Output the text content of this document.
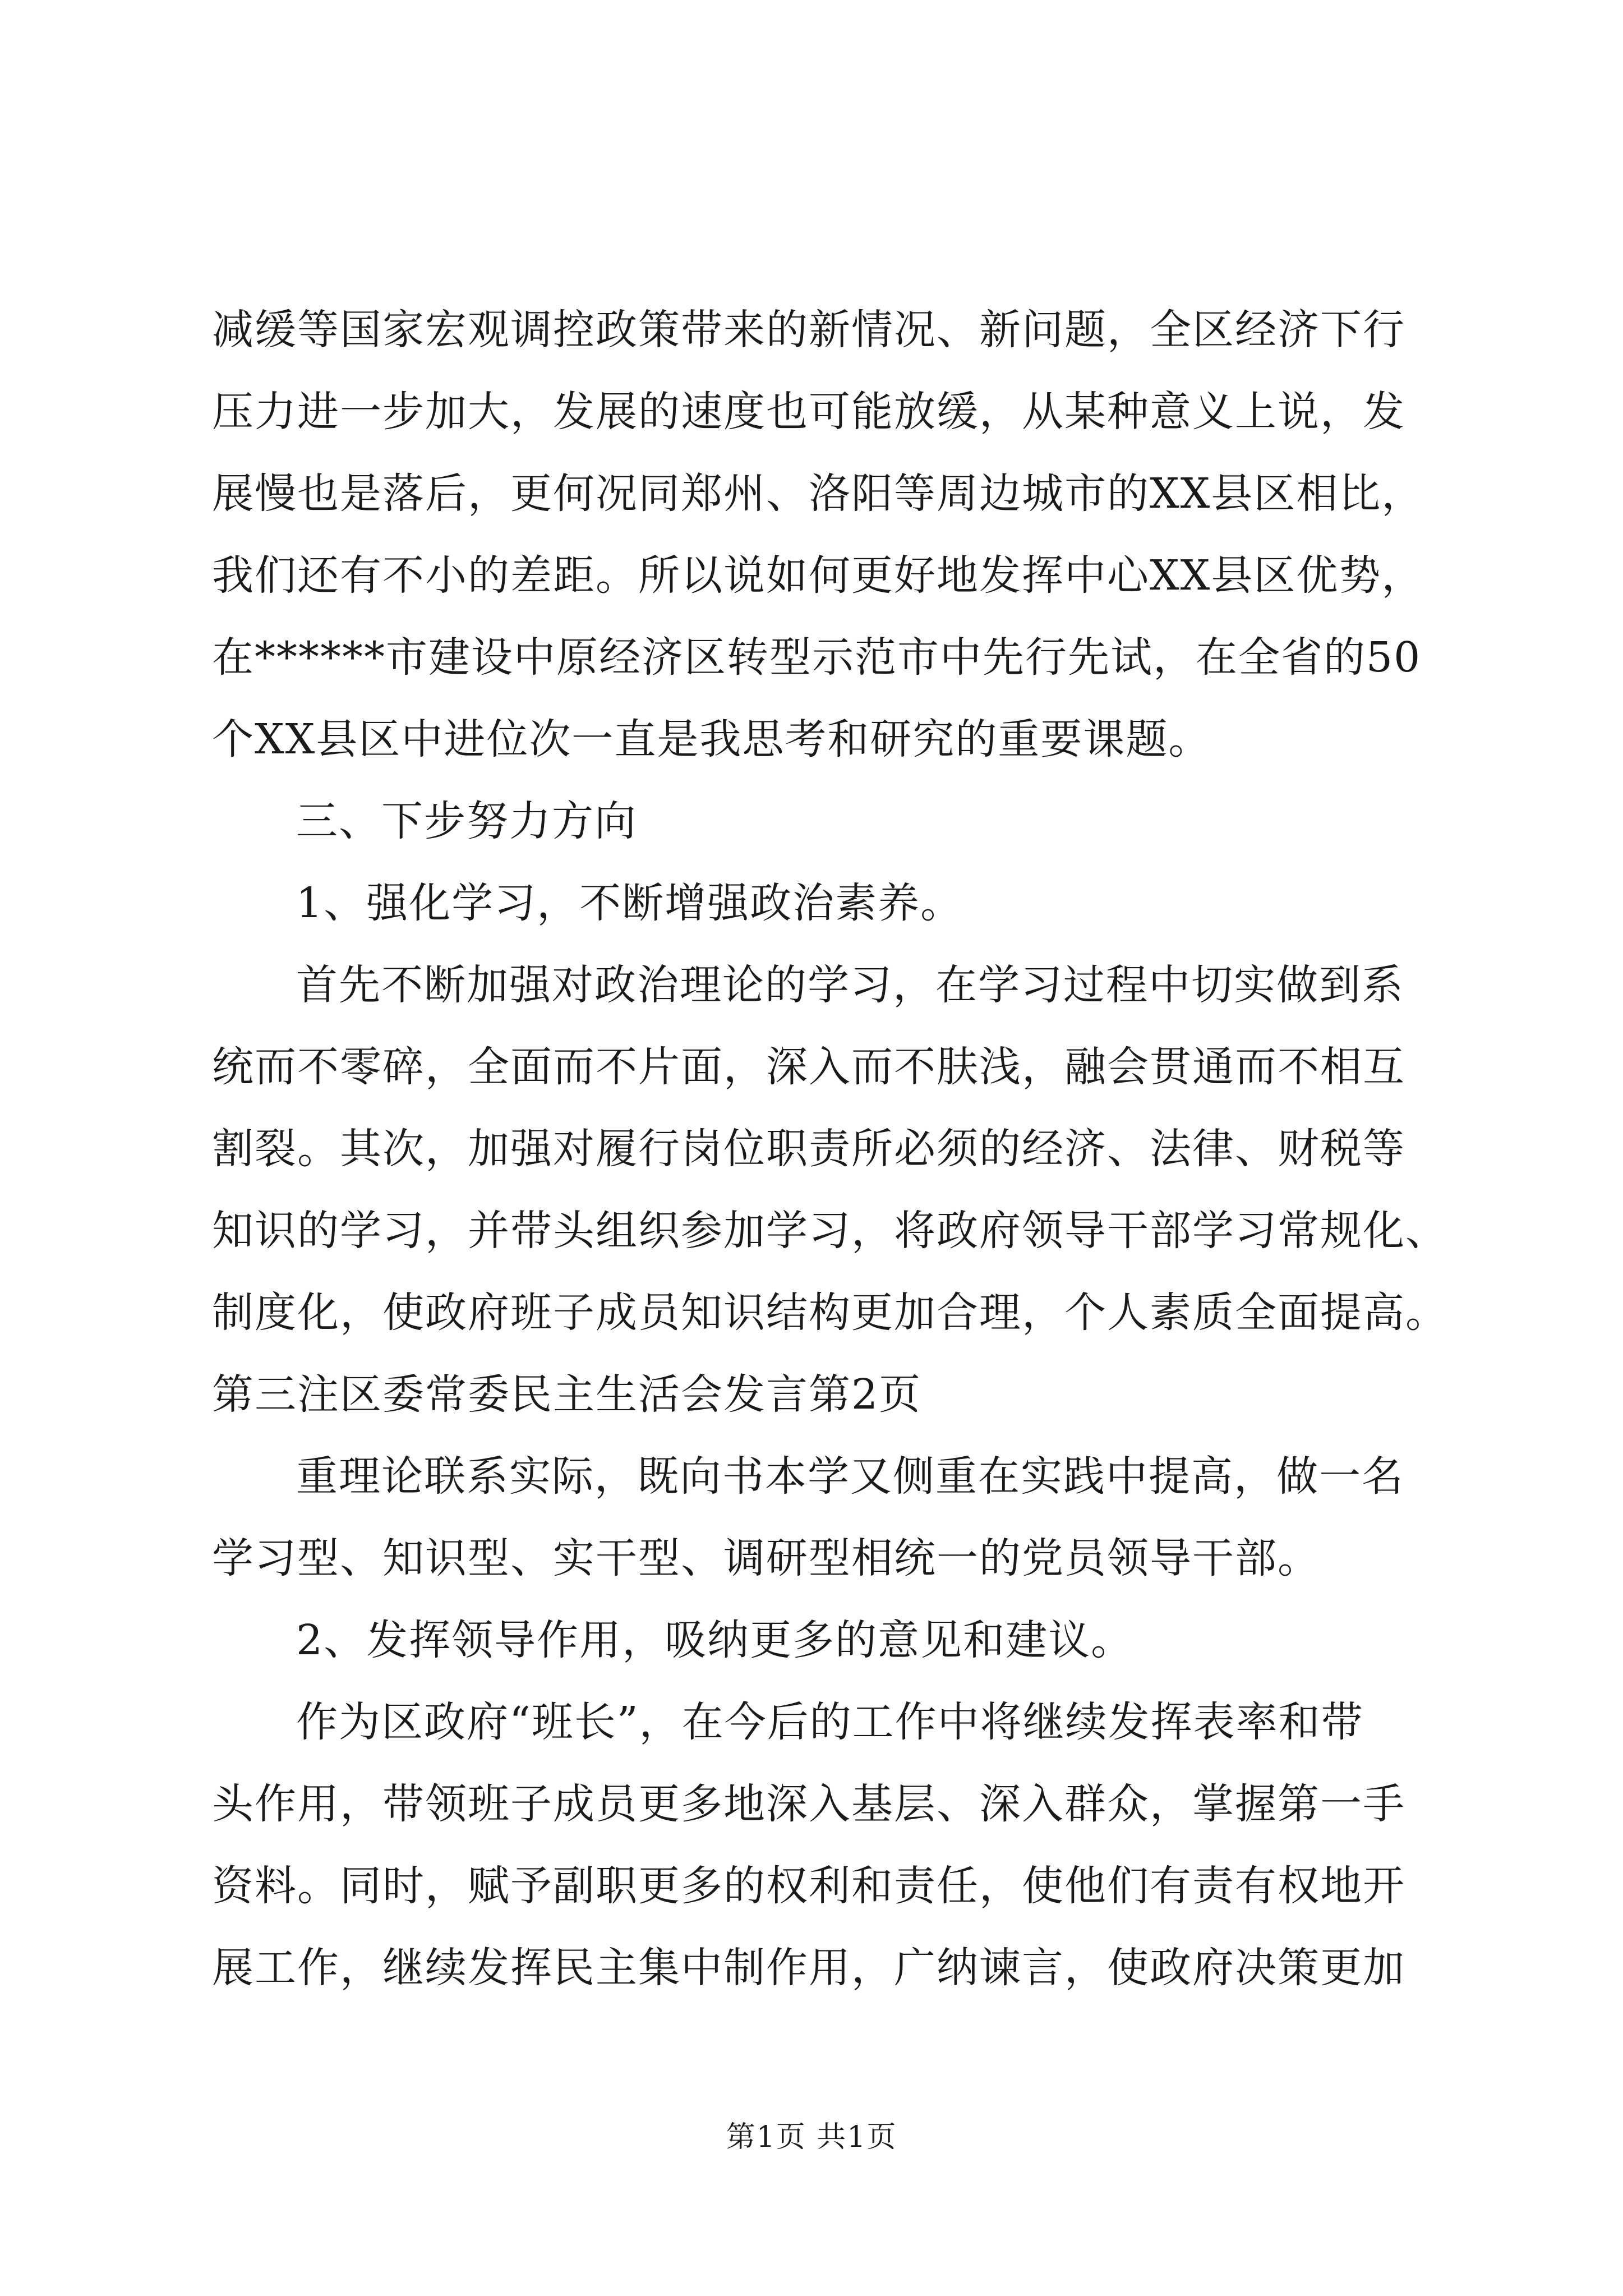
减缓等国家宏观调控政策带来的新情况、新问题，全区经济下行
压力进一步加大，发展的速度也可能放缓，从某种意义上说，发
展慢也是落后，更何况同郑州、洛阳等周边城市的XX县区相比，
我们还有不小的差距。所以说如何更好地发挥中心XX县区优势，
在******市建设中原经济区转型示范市中先行先试，在全省的50
个XX县区中进位次一直是我思考和研究的重要课题。
三、下步努力方向
1、强化学习，不断增强政治素养。
首先不断加强对政治理论的学习，在学习过程中切实做到系
统而不零碎，全面而不片面，深入而不肤浅，融会贯通而不相互
割裂。其次，加强对履行岗位职责所必须的经济、法律、财税等
知识的学习，并带头组织参加学习，将政府领导干部学习常规化、
制度化，使政府班子成员知识结构更加合理，个人素质全面提高。
第三注区委常委民主生活会发言第2页
重理论联系实际，既向书本学又侧重在实践中提高，做一名
学习型、知识型、实干型、调研型相统一的党员领导干部。
2、发挥领导作用，吸纳更多的意见和建议。
作为区政府“班长”，在今后的工作中将继续发挥表率和带
头作用，带领班子成员更多地深入基层、深入群众，掌握第一手
资料。同时，赋予副职更多的权利和责任，使他们有责有权地开
展工作，继续发挥民主集中制作用，广纳谏言，使政府决策更加
第1页 共1页
